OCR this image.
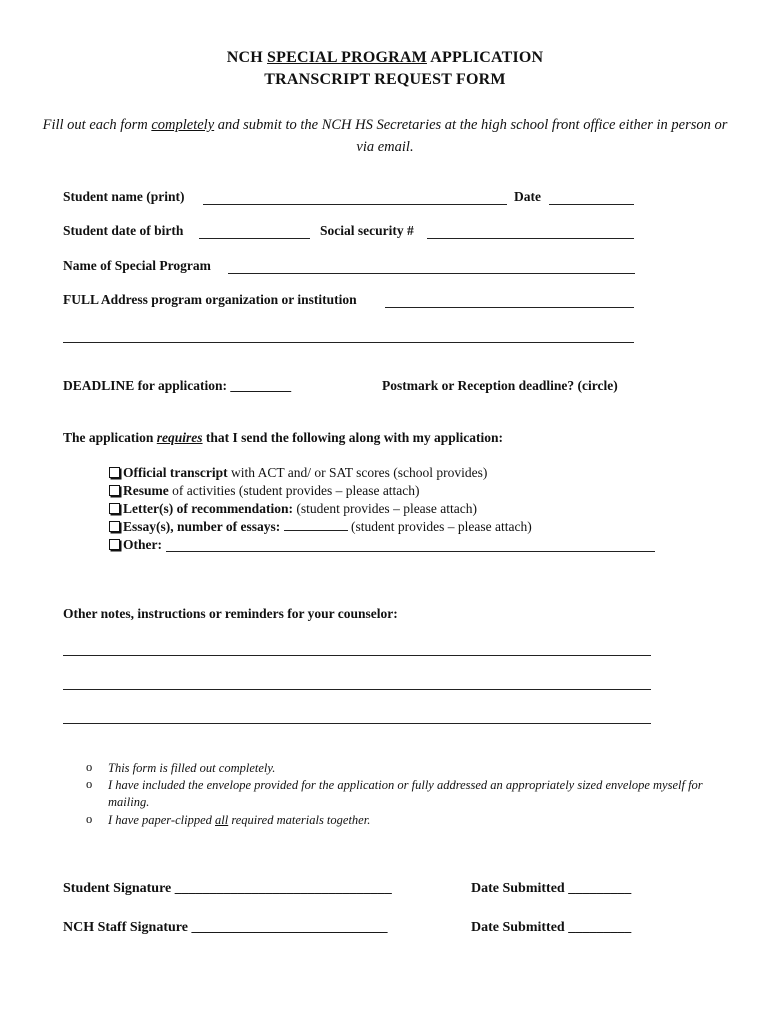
NCH SPECIAL PROGRAM APPLICATION
TRANSCRIPT REQUEST FORM
Fill out each form completely and submit to the NCH HS Secretaries at the high school front office either in person or via email.
Student name (print)	Date
Student date of birth	Social security #
Name of Special Program
FULL Address program organization or institution
DEADLINE for application: _________	Postmark or Reception deadline? (circle)
The application requires that I send the following along with my application:
Official transcript with ACT and/ or SAT scores (school provides)
Resume of activities (student provides – please attach)
Letter(s) of recommendation: (student provides – please attach)
Essay(s), number of essays:	(student provides – please attach)
Other:
Other notes, instructions or reminders for your counselor:
o This form is filled out completely.
o I have included the envelope provided for the application or fully addressed an appropriately sized envelope myself for mailing.
o I have paper-clipped all required materials together.
Student Signature _______________________________	Date Submitted _________
NCH Staff Signature ____________________________	Date Submitted _________
